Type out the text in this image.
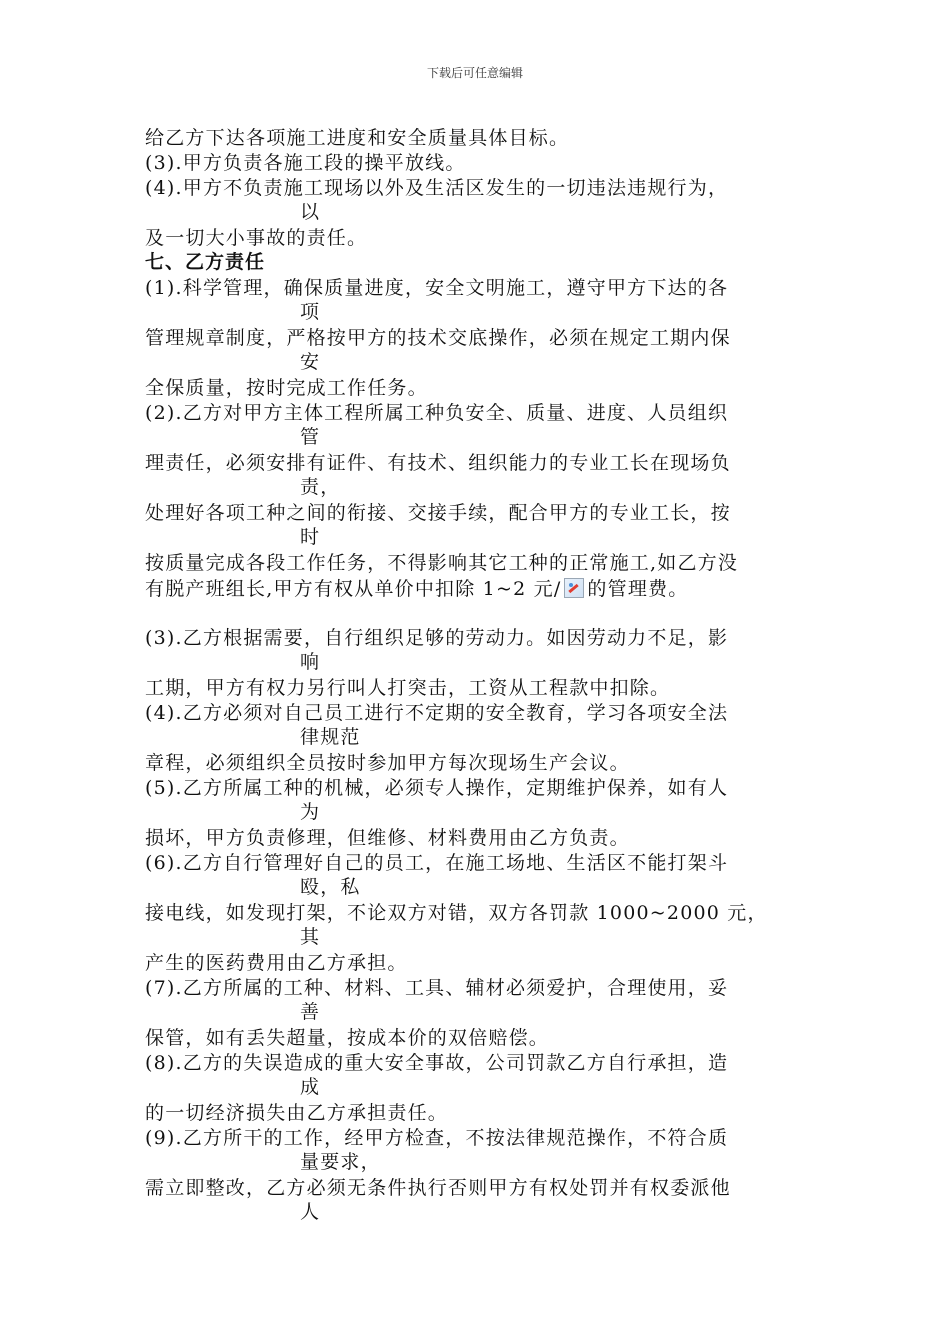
下载后可任意编辑
给乙方下达各项施工进度和安全质量具体目标。
(3).甲方负责各施工段的操平放线。
(4).甲方不负责施工现场以外及生活区发生的一切违法违规行为，
以
及一切大小事故的责任。
七、乙方责任
(1).科学管理，确保质量进度，安全文明施工，遵守甲方下达的各
项
管理规章制度，严格按甲方的技术交底操作，必须在规定工期内保
安
全保质量，按时完成工作任务。
(2).乙方对甲方主体工程所属工种负安全、质量、进度、人员组织
管
理责任，必须安排有证件、有技术、组织能力的专业工长在现场负
责，
处理好各项工种之间的衔接、交接手续，配合甲方的专业工长，按
时
按质量完成各段工作任务，不得影响其它工种的正常施工,如乙方没
有脱产班组长,甲方有权从单价中扣除 1~2 元/ 的管理费。
(3).乙方根据需要，自行组织足够的劳动力。如因劳动力不足，影
响
工期，甲方有权力另行叫人打突击，工资从工程款中扣除。
(4).乙方必须对自己员工进行不定期的安全教育，学习各项安全法
律规范
章程，必须组织全员按时参加甲方每次现场生产会议。
(5).乙方所属工种的机械，必须专人操作，定期维护保养，如有人
为
损坏，甲方负责修理，但维修、材料费用由乙方负责。
(6).乙方自行管理好自己的员工，在施工场地、生活区不能打架斗
殴，私
接电线，如发现打架，不论双方对错，双方各罚款 1000~2000 元，
其
产生的医药费用由乙方承担。
(7).乙方所属的工种、材料、工具、辅材必须爱护，合理使用，妥
善
保管，如有丢失超量，按成本价的双倍赔偿。
(8).乙方的失误造成的重大安全事故，公司罚款乙方自行承担，造
成
的一切经济损失由乙方承担责任。
(9).乙方所干的工作，经甲方检查，不按法律规范操作，不符合质
量要求，
需立即整改，乙方必须无条件执行否则甲方有权处罚并有权委派他
人
